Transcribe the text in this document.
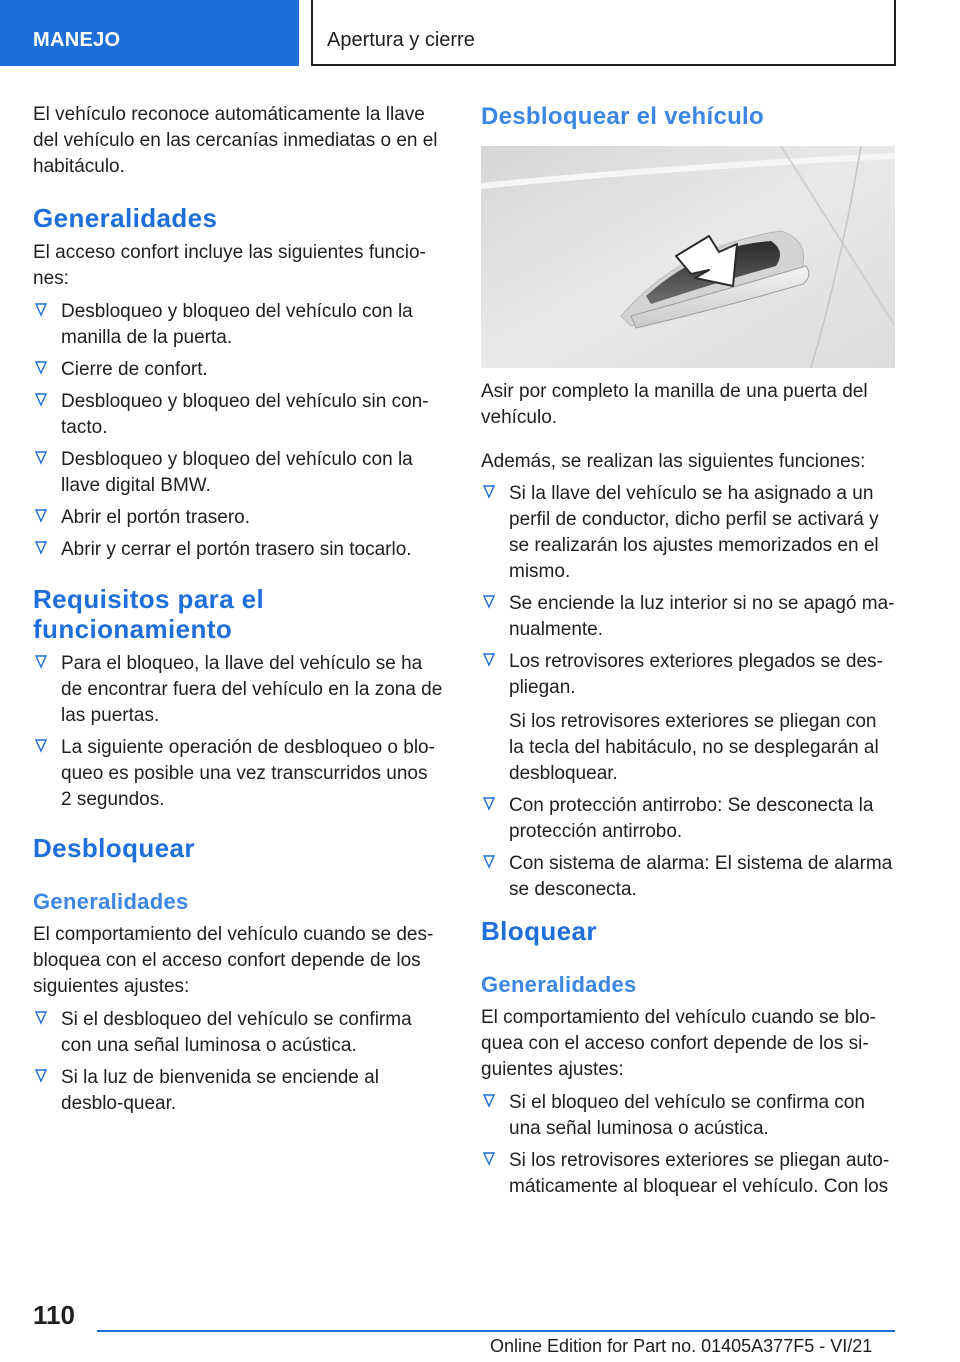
MANEJO	Apertura y cierre

El vehículo reconoce automáticamente la llave del vehículo en las cercanías inmediatas o en el habitáculo.

Generalidades

El acceso confort incluye las siguientes funcio-nes:

Desbloqueo y bloqueo del vehículo con la manilla de la puerta.
Cierre de confort.
Desbloqueo y bloqueo del vehículo sin con-tacto.
Desbloqueo y bloqueo del vehículo con la llave digital BMW.
Abrir el portón trasero.
Abrir y cerrar el portón trasero sin tocarlo.
Requisitos para el funcionamiento
Para el bloqueo, la llave del vehículo se ha de encontrar fuera del vehículo en la zona de las puertas.
La siguiente operación de desbloqueo o blo-queo es posible una vez transcurridos unos 2 segundos.
Desbloquear
Generalidades

El comportamiento del vehículo cuando se des-bloquea con el acceso confort depende de los siguientes ajustes:

Si el desbloqueo del vehículo se confirma con una señal luminosa o acústica.
Si la luz de bienvenida se enciende al desblo-quear.
Desbloquear el vehículo

Asir por completo la manilla de una puerta del vehículo.

Además, se realizan las siguientes funciones:

Si la llave del vehículo se ha asignado a un perfil de conductor, dicho perfil se activará y se realizarán los ajustes memorizados en el mismo.
Se enciende la luz interior si no se apagó ma-nualmente.
Los retrovisores exteriores plegados se des-pliegan.
Si los retrovisores exteriores se pliegan con la tecla del habitáculo, no se desplegarán al desbloquear.
Con protección antirrobo: Se desconecta la protección antirrobo.
Con sistema de alarma: El sistema de alarma se desconecta.
Bloquear
Generalidades

El comportamiento del vehículo cuando se blo-quea con el acceso confort depende de los si-guientes ajustes:

Si el bloqueo del vehículo se confirma con una señal luminosa o acústica.
Si los retrovisores exteriores se pliegan auto-máticamente al bloquear el vehículo. Con los
110
Online Edition for Part no. 01405A377F5 - VI/21
